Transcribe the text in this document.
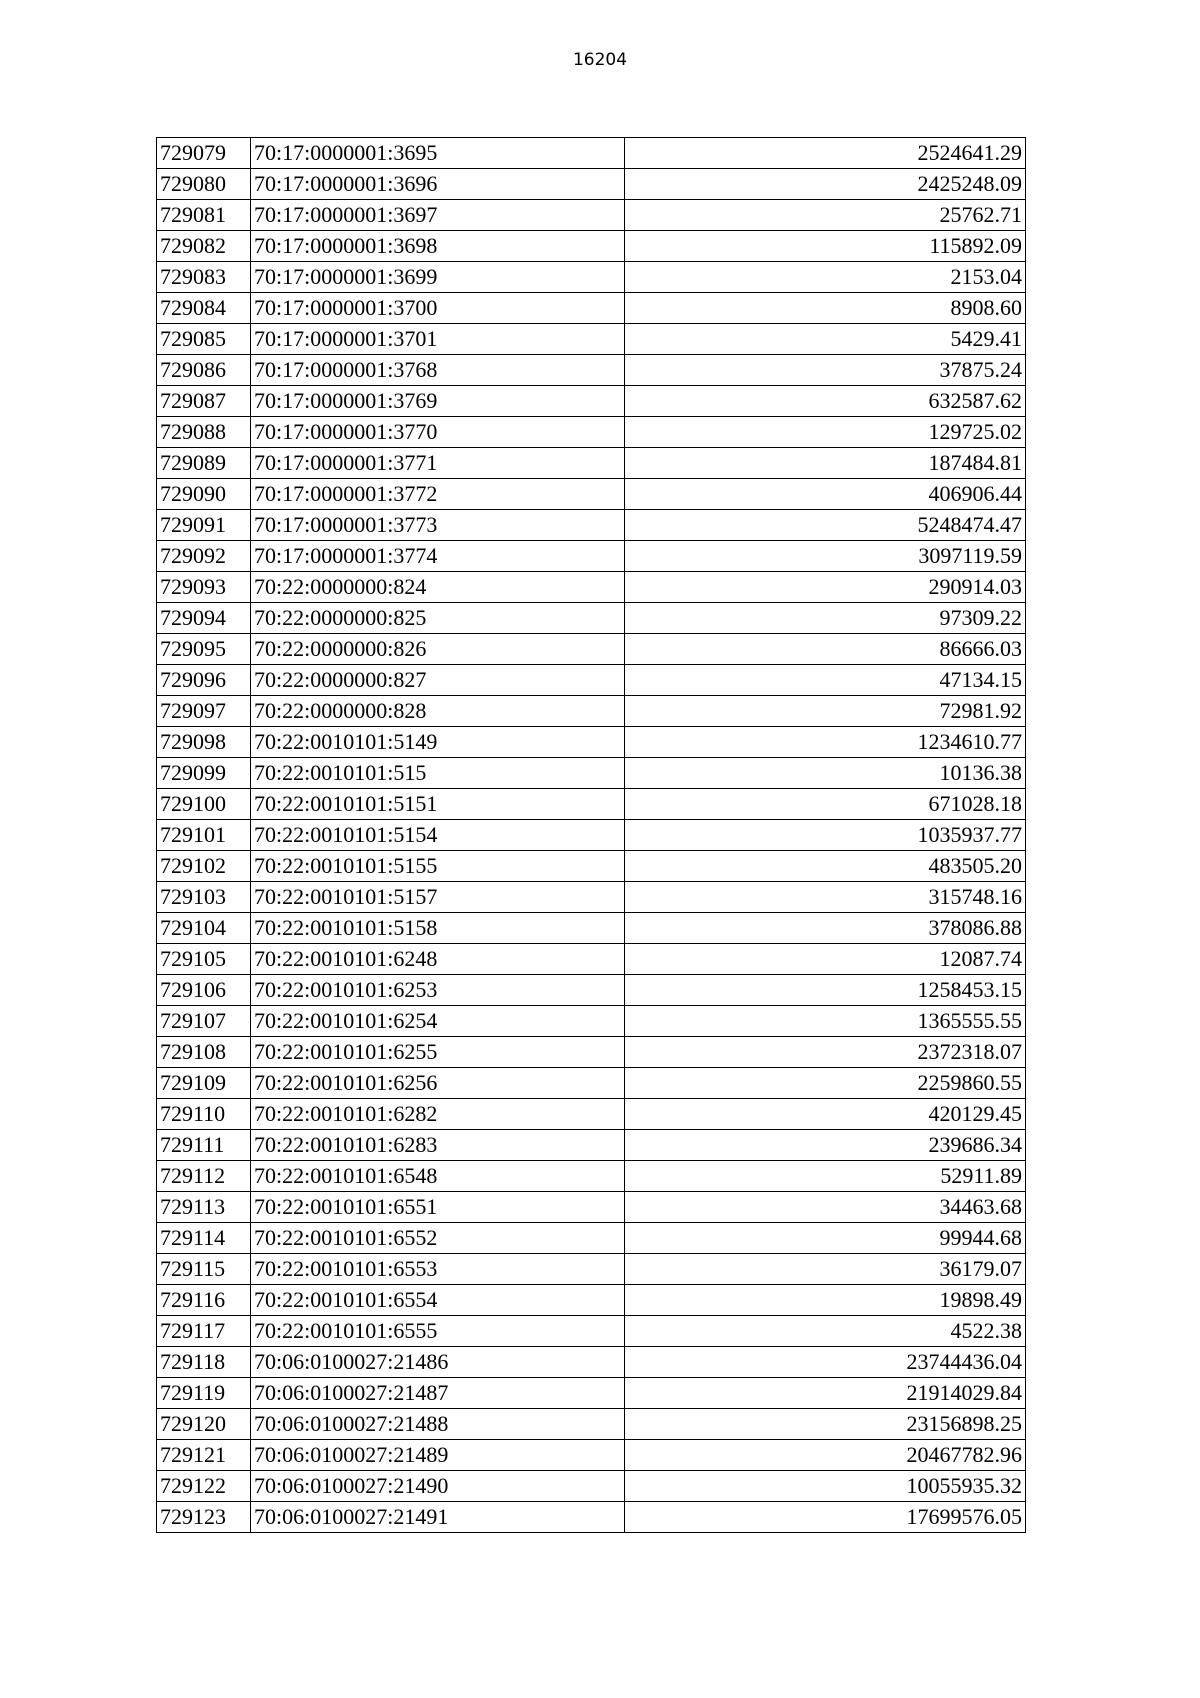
16204
729079	70:17:0000001:3695	2524641.29
729080	70:17:0000001:3696	2425248.09
729081	70:17:0000001:3697	25762.71
729082	70:17:0000001:3698	115892.09
729083	70:17:0000001:3699	2153.04
729084	70:17:0000001:3700	8908.60
729085	70:17:0000001:3701	5429.41
729086	70:17:0000001:3768	37875.24
729087	70:17:0000001:3769	632587.62
729088	70:17:0000001:3770	129725.02
729089	70:17:0000001:3771	187484.81
729090	70:17:0000001:3772	406906.44
729091	70:17:0000001:3773	5248474.47
729092	70:17:0000001:3774	3097119.59
729093	70:22:0000000:824	290914.03
729094	70:22:0000000:825	97309.22
729095	70:22:0000000:826	86666.03
729096	70:22:0000000:827	47134.15
729097	70:22:0000000:828	72981.92
729098	70:22:0010101:5149	1234610.77
729099	70:22:0010101:515	10136.38
729100	70:22:0010101:5151	671028.18
729101	70:22:0010101:5154	1035937.77
729102	70:22:0010101:5155	483505.20
729103	70:22:0010101:5157	315748.16
729104	70:22:0010101:5158	378086.88
729105	70:22:0010101:6248	12087.74
729106	70:22:0010101:6253	1258453.15
729107	70:22:0010101:6254	1365555.55
729108	70:22:0010101:6255	2372318.07
729109	70:22:0010101:6256	2259860.55
729110	70:22:0010101:6282	420129.45
729111	70:22:0010101:6283	239686.34
729112	70:22:0010101:6548	52911.89
729113	70:22:0010101:6551	34463.68
729114	70:22:0010101:6552	99944.68
729115	70:22:0010101:6553	36179.07
729116	70:22:0010101:6554	19898.49
729117	70:22:0010101:6555	4522.38
729118	70:06:0100027:21486	23744436.04
729119	70:06:0100027:21487	21914029.84
729120	70:06:0100027:21488	23156898.25
729121	70:06:0100027:21489	20467782.96
729122	70:06:0100027:21490	10055935.32
729123	70:06:0100027:21491	17699576.05
